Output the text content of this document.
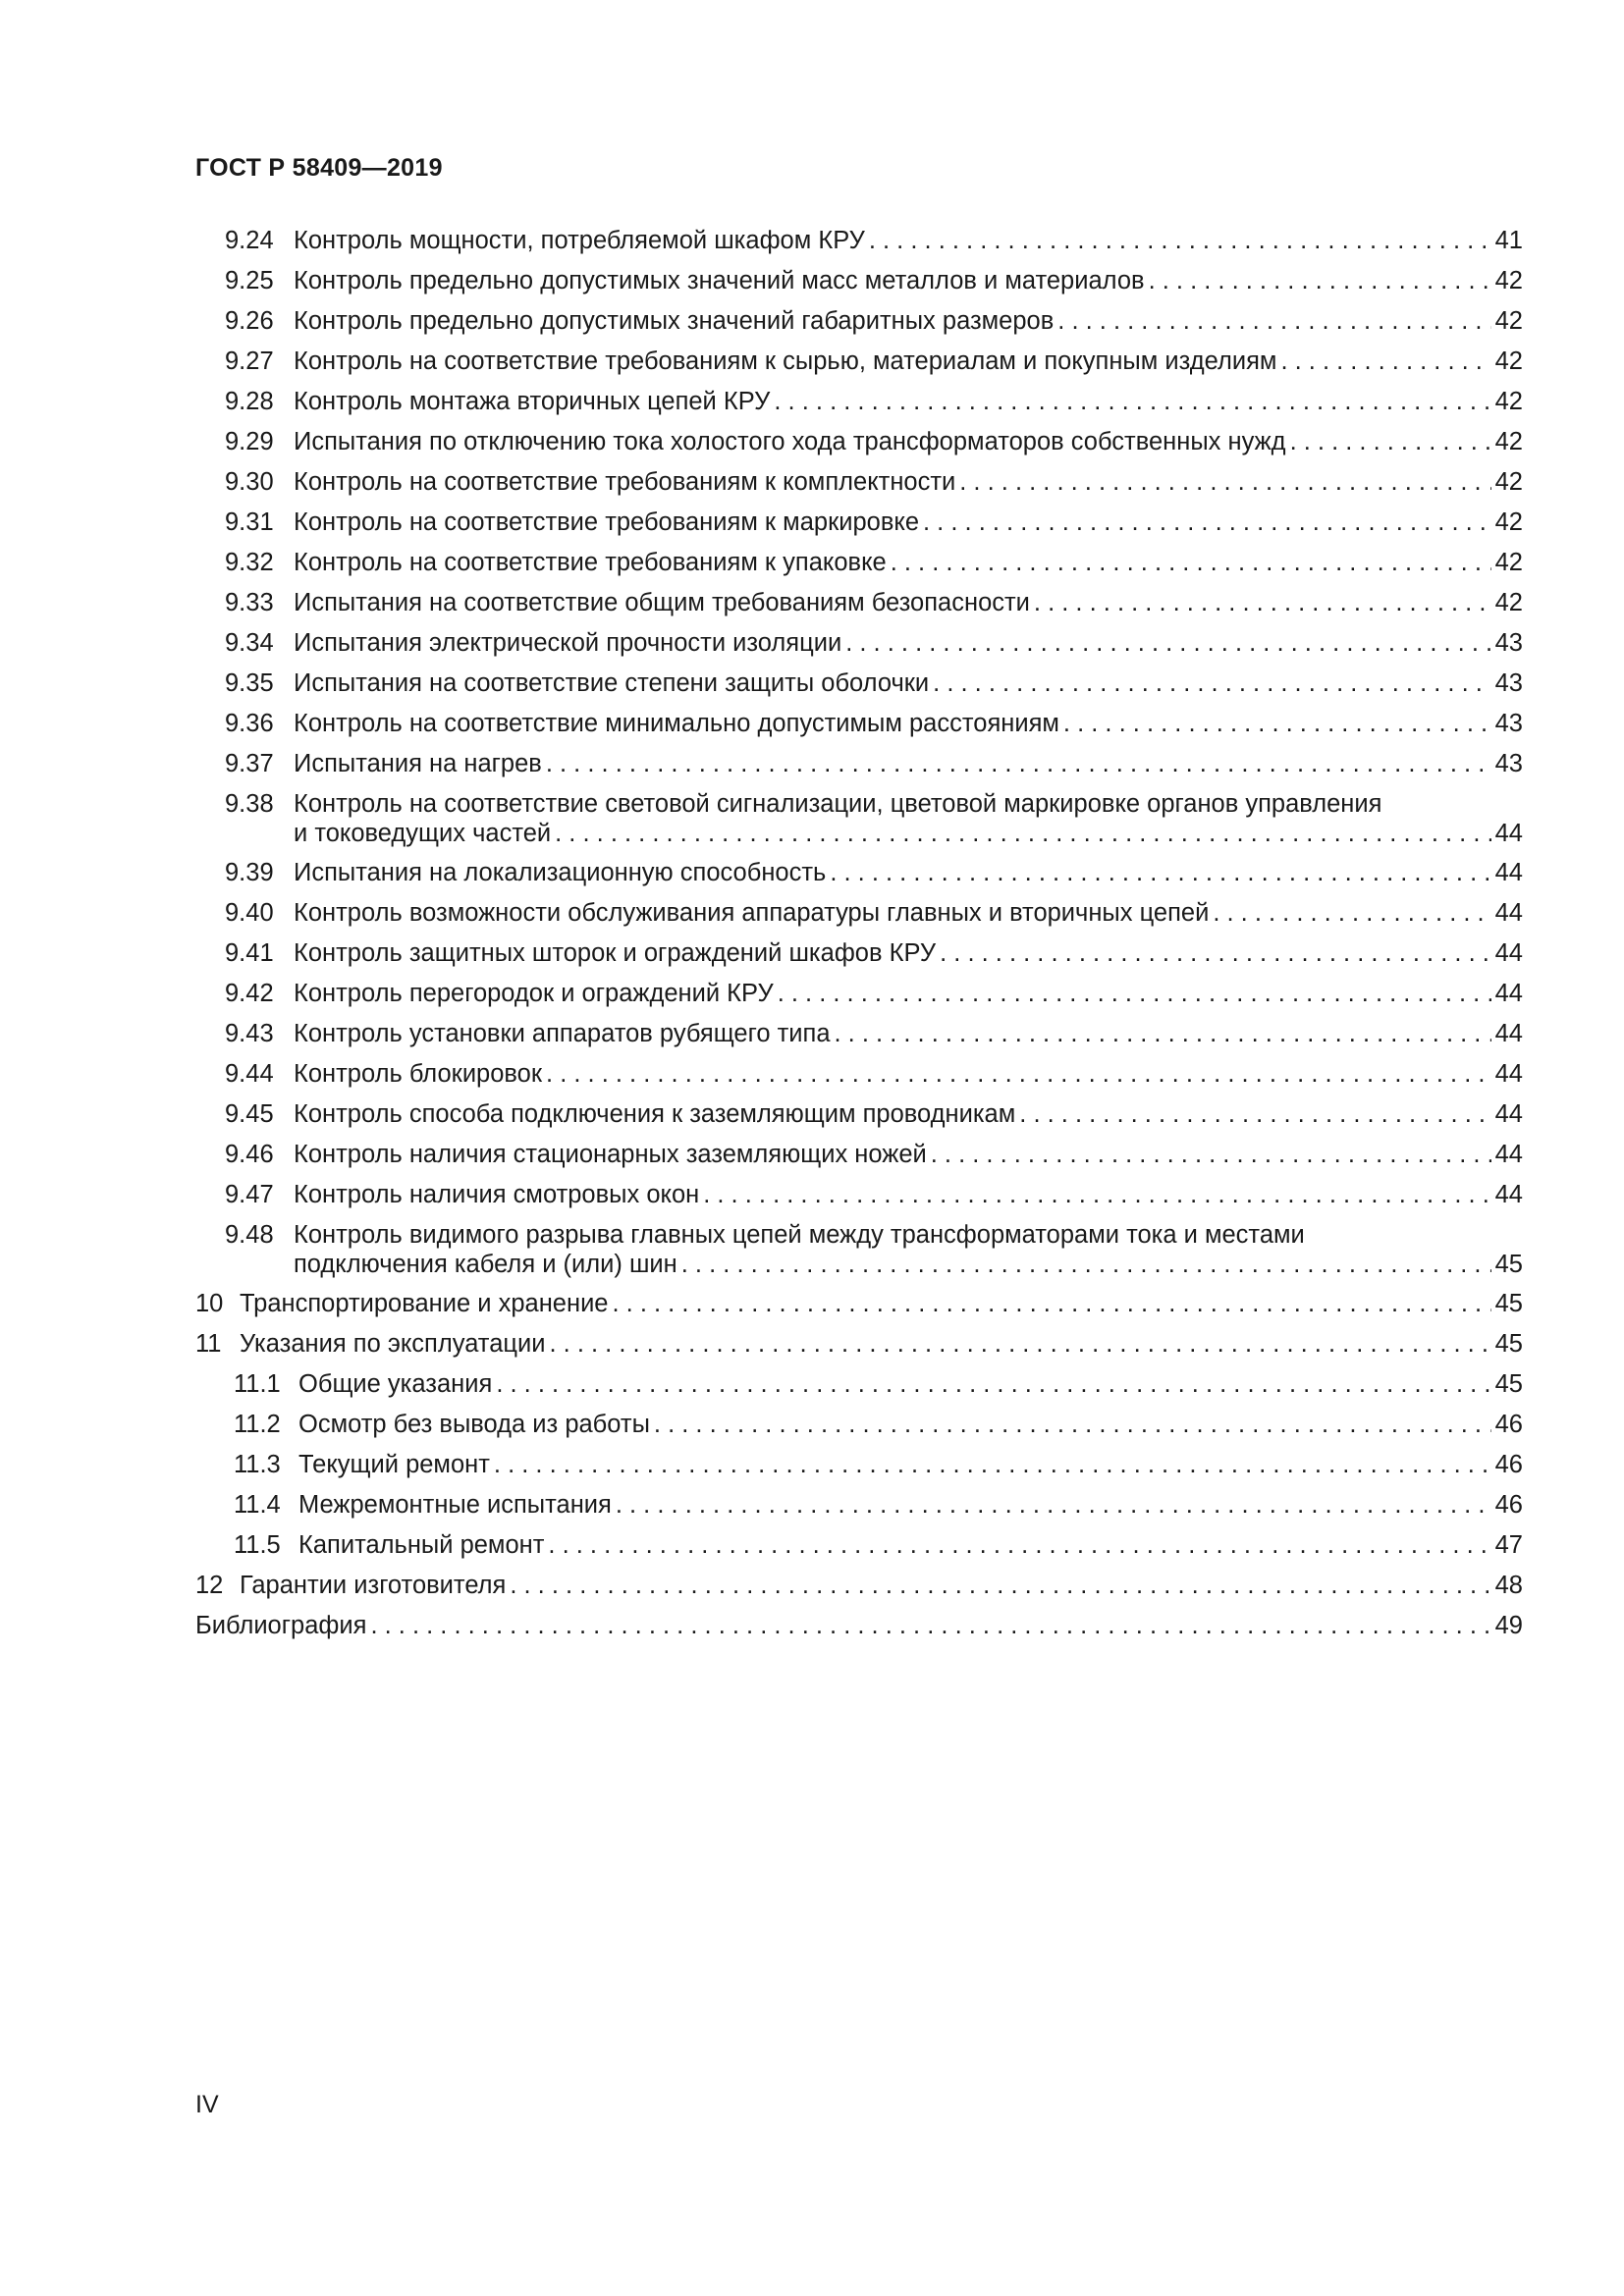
ГОСТ Р 58409—2019
9.24 Контроль мощности, потребляемой шкафом КРУ . . .	41
9.25 Контроль предельно допустимых значений масс металлов и материалов . . .	42
9.26 Контроль предельно допустимых значений габаритных размеров . . .	42
9.27 Контроль на соответствие требованиям к сырью, материалам и покупным изделиям . . .	42
9.28 Контроль монтажа вторичных цепей КРУ . . .	42
9.29 Испытания по отключению тока холостого хода трансформаторов собственных нужд . . .	42
9.30 Контроль на соответствие требованиям к комплектности . . .	42
9.31 Контроль на соответствие требованиям к маркировке . . .	42
9.32 Контроль на соответствие требованиям к упаковке . . .	42
9.33 Испытания на соответствие общим требованиям безопасности . . .	42
9.34 Испытания электрической прочности изоляции . . .	43
9.35 Испытания на соответствие степени защиты оболочки . . .	43
9.36 Контроль на соответствие минимально допустимым расстояниям . . .	43
9.37 Испытания на нагрев . . .	43
9.38 Контроль на соответствие световой сигнализации, цветовой маркировке органов управления
и токоведущих частей . . .	44
9.39 Испытания на локализационную способность . . .	44
9.40 Контроль возможности обслуживания аппаратуры главных и вторичных цепей . . .	44
9.41 Контроль защитных шторок и ограждений шкафов КРУ . . .	44
9.42 Контроль перегородок и ограждений КРУ . . .	44
9.43 Контроль установки аппаратов рубящего типа . . .	44
9.44 Контроль блокировок . . .	44
9.45 Контроль способа подключения к заземляющим проводникам . . .	44
9.46 Контроль наличия стационарных заземляющих ножей . . .	44
9.47 Контроль наличия смотровых окон . . .	44
9.48 Контроль видимого разрыва главных цепей между трансформаторами тока и местами
подключения кабеля и (или) шин . . .	45
10 Транспортирование и хранение . . .	45
11 Указания по эксплуатации . . .	45
11.1 Общие указания . . .	45
11.2 Осмотр без вывода из работы . . .	46
11.3 Текущий ремонт . . .	46
11.4 Межремонтные испытания . . .	46
11.5 Капитальный ремонт . . .	47
12 Гарантии изготовителя . . .	48
Библиография . . .	49
IV
